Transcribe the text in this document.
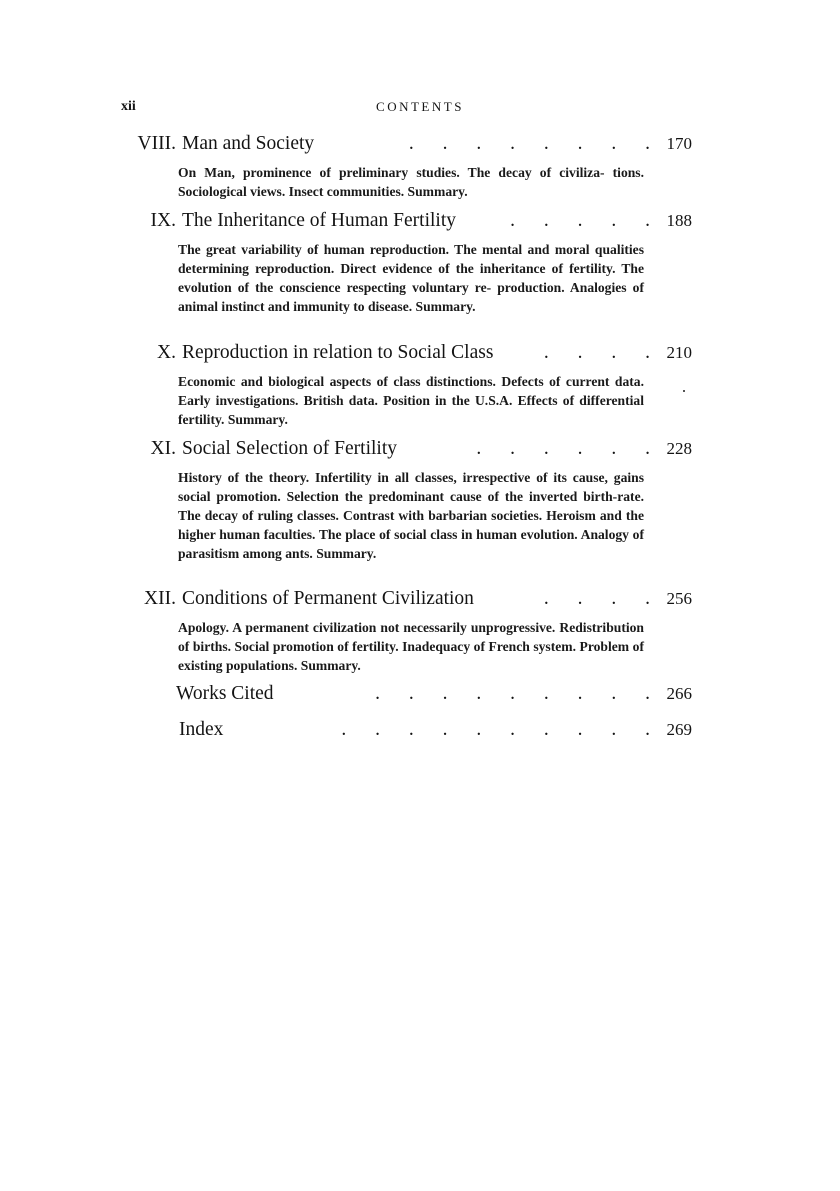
xii	CONTENTS
VIII. Man and Society	. . . . . . . . 170
On Man, prominence of preliminary studies. The decay of civiliza- tions. Sociological views. Insect communities. Summary.
IX. The Inheritance of Human Fertility	. . . . . 188
The great variability of human reproduction. The mental and moral qualities determining reproduction. Direct evidence of the inheritance of fertility. The evolution of the conscience respecting voluntary re- production. Analogies of animal instinct and immunity to disease. Summary.
X. Reproduction in relation to Social Class	. . . . 210
Economic and biological aspects of class distinctions. Defects of current data. Early investigations. British data. Position in the U.S.A. Effects of differential fertility. Summary.
XI. Social Selection of Fertility	. . . . . . 228
History of the theory. Infertility in all classes, irrespective of its cause, gains social promotion. Selection the predominant cause of the inverted birth-rate. The decay of ruling classes. Contrast with barbarian societies. Heroism and the higher human faculties. The place of social class in human evolution. Analogy of parasitism among ants. Summary.
XII. Conditions of Permanent Civilization	. . . . 256
Apology. A permanent civilization not necessarily unprogressive. Redistribution of births. Social promotion of fertility. Inadequacy of French system. Problem of existing populations. Summary.
Works Cited	. . . . . . . . . 266
Index	. . . . . . . . . . 269
